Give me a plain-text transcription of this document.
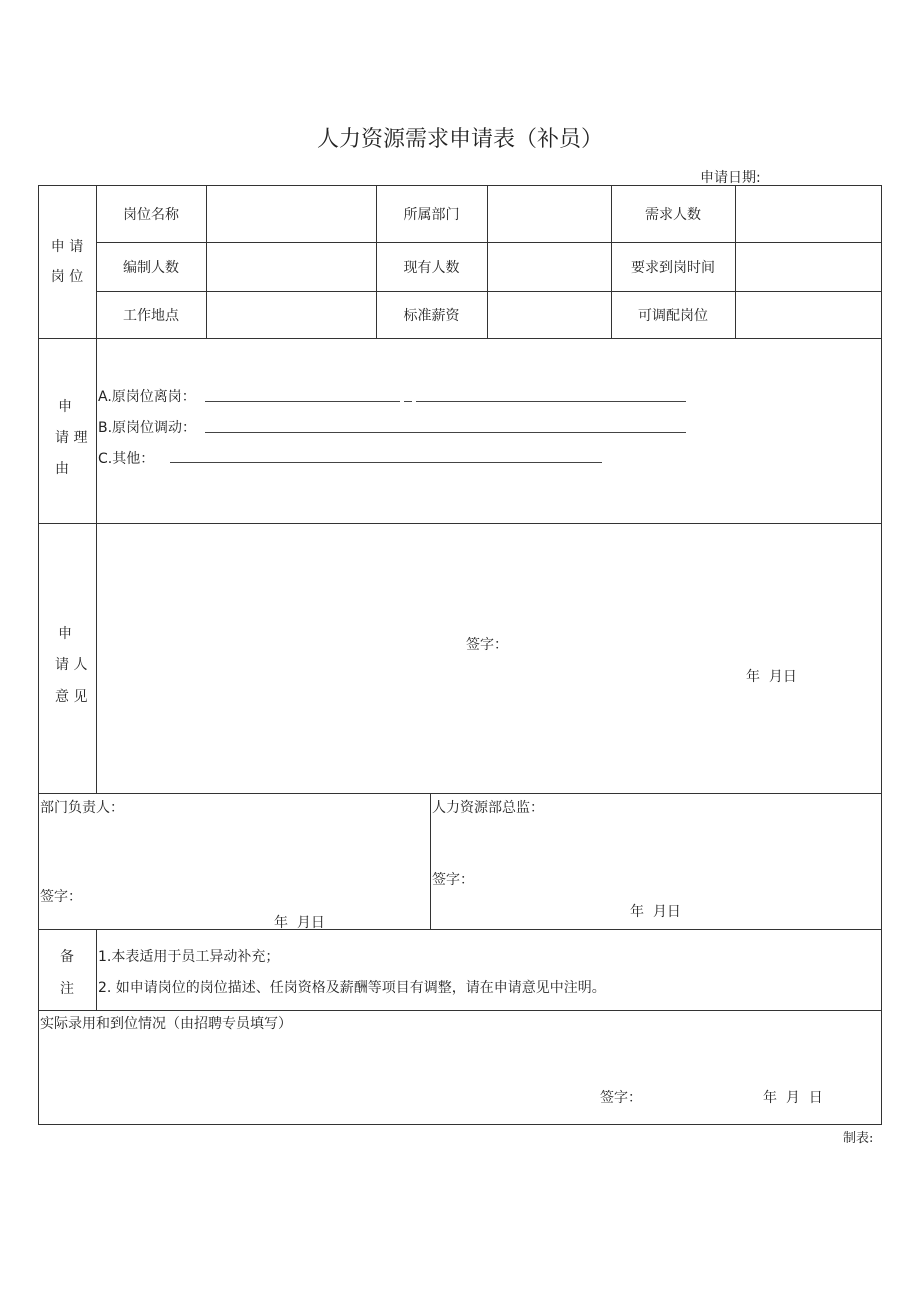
人力资源需求申请表（补员）
申请日期:
申 请
岗 位
岗位名称	所属部门	需求人数
编制人数	现有人数	要求到岗时间
工作地点	标准薪资	可调配岗位
申
请 理
由
A.原岗位离岗：
B.原岗位调动：
C.其他：
申
请 人
意 见
签字：
年  月日
部门负责人：
签字：
年  月日
人力资源部总监：
签字：
年  月日
备
注
1.本表适用于员工异动补充；
2. 如申请岗位的岗位描述、任岗资格及薪酬等项目有调整，请在申请意见中注明。
实际录用和到位情况（由招聘专员填写）
签字：	年  月  日
制表:
